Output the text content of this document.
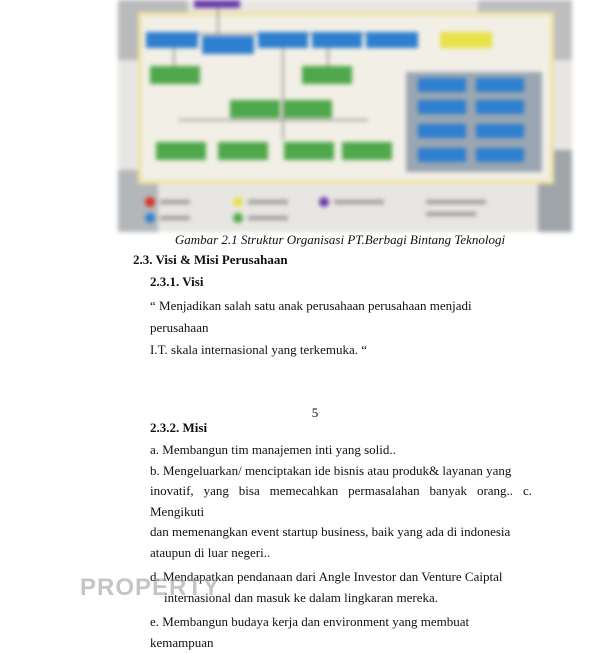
Gambar 2.1 Struktur Organisasi PT.Berbagi Bintang Teknologi
2.3. Visi & Misi Perusahaan
2.3.1. Visi
“ Menjadikan salah satu anak perusahaan perusahaan menjadi perusahaan
I.T. skala internasional yang terkemuka. “
5
2.3.2. Misi

a. Membangun tim manajemen inti yang solid..

b. Mengeluarkan/ menciptakan ide bisnis atau produk& layanan yang

inovatif, yang bisa memecahkan permasalahan banyak orang.. c. Mengikuti

dan memenangkan event startup business, baik yang ada di indonesia

ataupun di luar negeri..

d. Mendapatkan pendanaan dari Angle Investor dan Venture Caiptal

internasional dan masuk ke dalam lingkaran mereka.

e. Membangun budaya kerja dan environment yang membuat kemampuan

PROPERTY
